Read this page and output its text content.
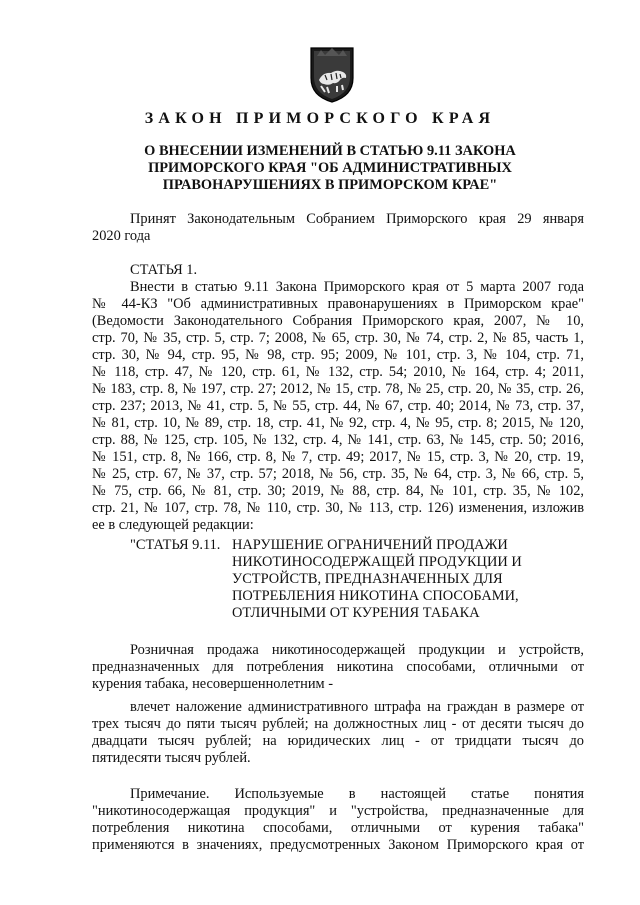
ЗАКОН ПРИМОРСКОГО КРАЯ
О ВНЕСЕНИИ ИЗМЕНЕНИЙ В СТАТЬЮ 9.11 ЗАКОНА
ПРИМОРСКОГО КРАЯ "ОБ АДМИНИСТРАТИВНЫХ
ПРАВОНАРУШЕНИЯХ В ПРИМОРСКОМ КРАЕ"
Принят Законодательным Собранием Приморского края 29 января
2020 года
СТАТЬЯ 1.
Внести в статью 9.11 Закона Приморского края от 5 марта 2007 года
№ 44-КЗ "Об административных правонарушениях в Приморском крае"
(Ведомости Законодательного Собрания Приморского края, 2007, № 10,
стр. 70, № 35, стр. 5, стр. 7; 2008, № 65, стр. 30, № 74, стр. 2, № 85, часть 1,
стр. 30, № 94, стр. 95, № 98, стр. 95; 2009, № 101, стр. 3, № 104, стр. 71,
№ 118, стр. 47, № 120, стр. 61, № 132, стр. 54; 2010, № 164, стр. 4; 2011,
№ 183, стр. 8, № 197, стр. 27; 2012, № 15, стр. 78, № 25, стр. 20, № 35, стр. 26,
стр. 237; 2013, № 41, стр. 5, № 55, стр. 44, № 67, стр. 40; 2014, № 73, стр. 37,
№ 81, стр. 10, № 89, стр. 18, стр. 41, № 92, стр. 4, № 95, стр. 8; 2015, № 120,
стр. 88, № 125, стр. 105, № 132, стр. 4, № 141, стр. 63, № 145, стр. 50; 2016,
№ 151, стр. 8, № 166, стр. 8, № 7, стр. 49; 2017, № 15, стр. 3, № 20, стр. 19,
№ 25, стр. 67, № 37, стр. 57; 2018, № 56, стр. 35, № 64, стр. 3, № 66, стр. 5,
№ 75, стр. 66, № 81, стр. 30; 2019, № 88, стр. 84, № 101, стр. 35, № 102,
стр. 21, № 107, стр. 78, № 110, стр. 30, № 113, стр. 126) изменения, изложив
ее в следующей редакции:
"СТАТЬЯ 9.11. НАРУШЕНИЕ ОГРАНИЧЕНИЙ ПРОДАЖИ
НИКОТИНОСОДЕРЖАЩЕЙ ПРОДУКЦИИ И
УСТРОЙСТВ, ПРЕДНАЗНАЧЕННЫХ ДЛЯ
ПОТРЕБЛЕНИЯ НИКОТИНА СПОСОБАМИ,
ОТЛИЧНЫМИ ОТ КУРЕНИЯ ТАБАКА
Розничная продажа никотиносодержащей продукции и устройств,
предназначенных для потребления никотина способами, отличными от
курения табака, несовершеннолетним -
влечет наложение административного штрафа на граждан в размере от
трех тысяч до пяти тысяч рублей; на должностных лиц - от десяти тысяч до
двадцати тысяч рублей; на юридических лиц - от тридцати тысяч до
пятидесяти тысяч рублей.
Примечание. Используемые в настоящей статье понятия
"никотиносодержащая продукция" и "устройства, предназначенные для
потребления никотина способами, отличными от курения табака"
применяются в значениях, предусмотренных Законом Приморского края от
